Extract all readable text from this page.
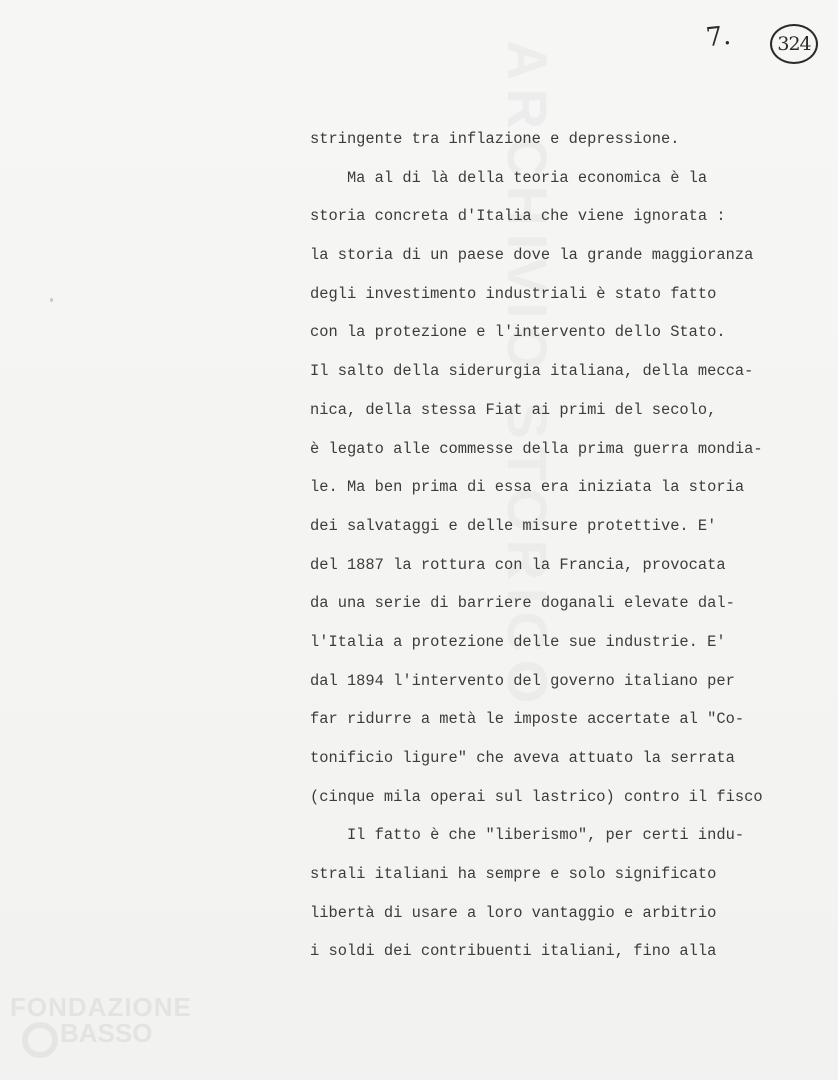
ARCHIVIO STORICO
FONDAZIONE
BASSO
7.	324
stringente tra inflazione e depressione.
Ma al di là della teoria economica è la
storia concreta d'Italia che viene ignorata :
la storia di un paese dove la grande maggioranza
degli investimento industriali è stato fatto
con la protezione e l'intervento dello Stato.
Il salto della siderurgia italiana, della mecca-
nica, della stessa Fiat ai primi del secolo,
è legato alle commesse della prima guerra mondia-
le. Ma ben prima di essa era iniziata la storia
dei salvataggi e delle misure protettive. E'
del 1887 la rottura con la Francia, provocata
da una serie di barriere doganali elevate dal-
l'Italia a protezione delle sue industrie. E'
dal 1894 l'intervento del governo italiano per
far ridurre a metà le imposte accertate al "Co-
tonificio ligure" che aveva attuato la serrata
(cinque mila operai sul lastrico) contro il fisco
Il fatto è che "liberismo", per certi indu-
strali italiani ha sempre e solo significato
libertà di usare a loro vantaggio e arbitrio
i soldi dei contribuenti italiani, fino alla
